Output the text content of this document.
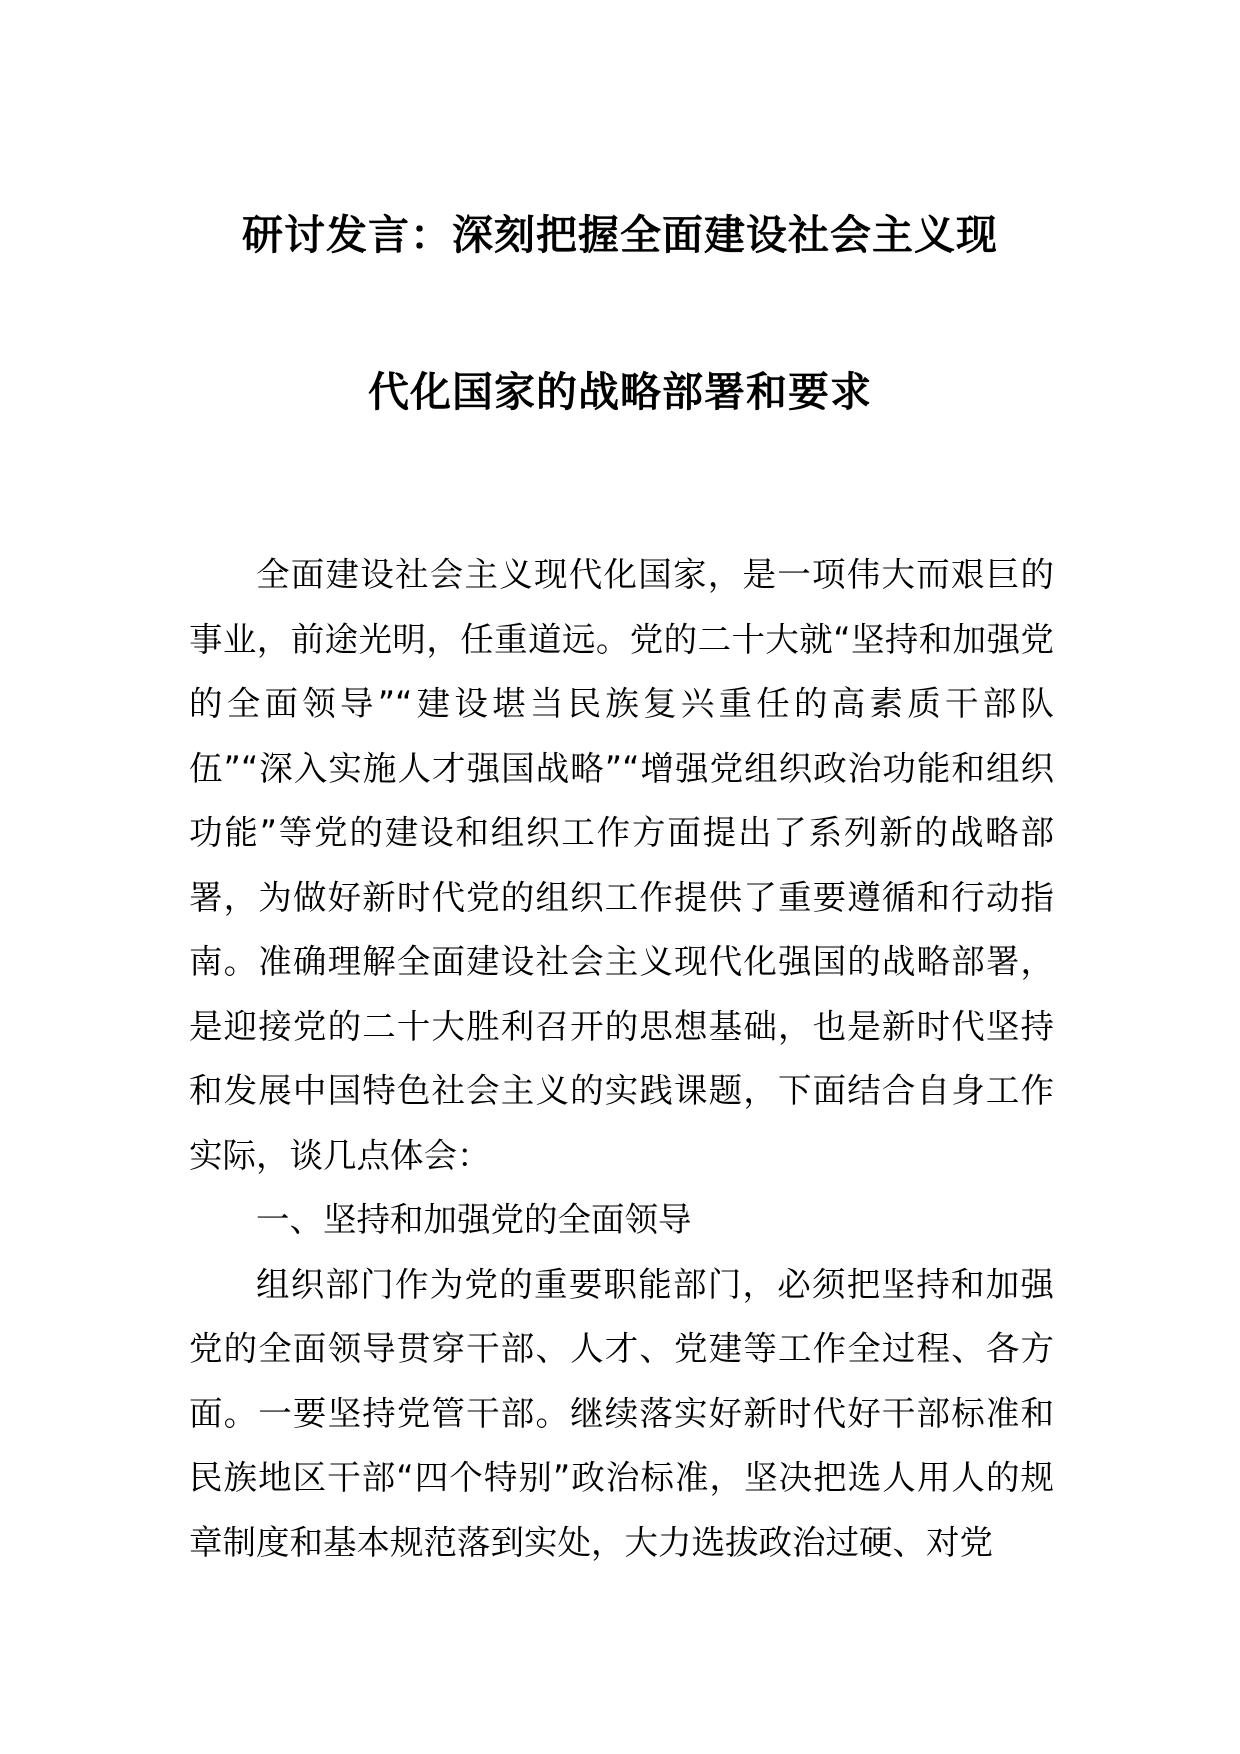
研讨发言：深刻把握全面建设社会主义现
代化国家的战略部署和要求

全面建设社会主义现代化国家，是一项伟大而艰巨的事业，前途光明，任重道远。党的二十大就“坚持和加强党的全面领导”“建设堪当民族复兴重任的高素质干部队伍”“深入实施人才强国战略”“增强党组织政治功能和组织功能”等党的建设和组织工作方面提出了系列新的战略部署，为做好新时代党的组织工作提供了重要遵循和行动指南。准确理解全面建设社会主义现代化强国的战略部署，是迎接党的二十大胜利召开的思想基础，也是新时代坚持和发展中国特色社会主义的实践课题，下面结合自身工作实际，谈几点体会：

一、坚持和加强党的全面领导

组织部门作为党的重要职能部门，必须把坚持和加强党的全面领导贯穿干部、人才、党建等工作全过程、各方面。一要坚持党管干部。继续落实好新时代好干部标准和民族地区干部“四个特别”政治标准，坚决把选人用人的规章制度和基本规范落到实处，大力选拔政治过硬、对党
